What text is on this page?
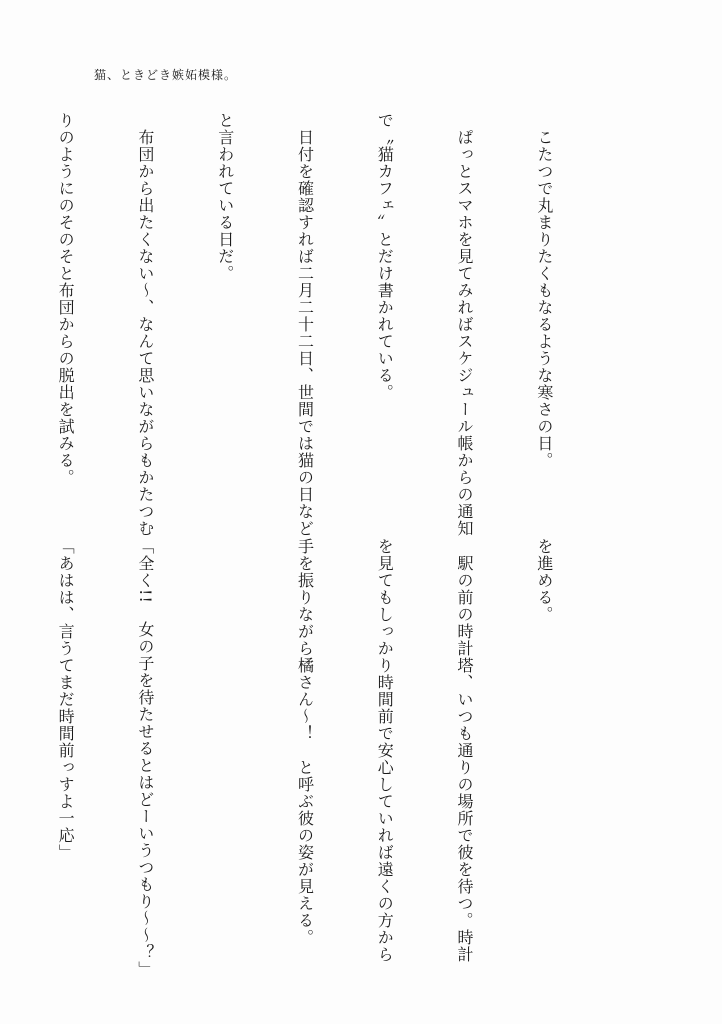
猫、ときどき嫉妬模様。

　こたつで丸まりたくもなるような寒さの日。

　ぱっとスマホを見てみればスケジュール帳からの通知

で〝猫カフェ〟とだけ書かれている。

　日付を確認すれば二月二十二日、世間では猫の日など

と言われている日だ。

　布団から出たくない〜、なんて思いながらもかたつむ

りのようにのそのそと布団からの脱出を試みる。

を進める。

　駅の前の時計塔、いつも通りの場所で彼を待つ。時計

を見てもしっかり時間前で安心していれば遠くの方から

手を振りながら橘さん〜！　と呼ぶ彼の姿が見える。

「全く!!　女の子を待たせるとはどーいうつもり〜〜？」

「あはは、言うてまだ時間前っすよ一応」
